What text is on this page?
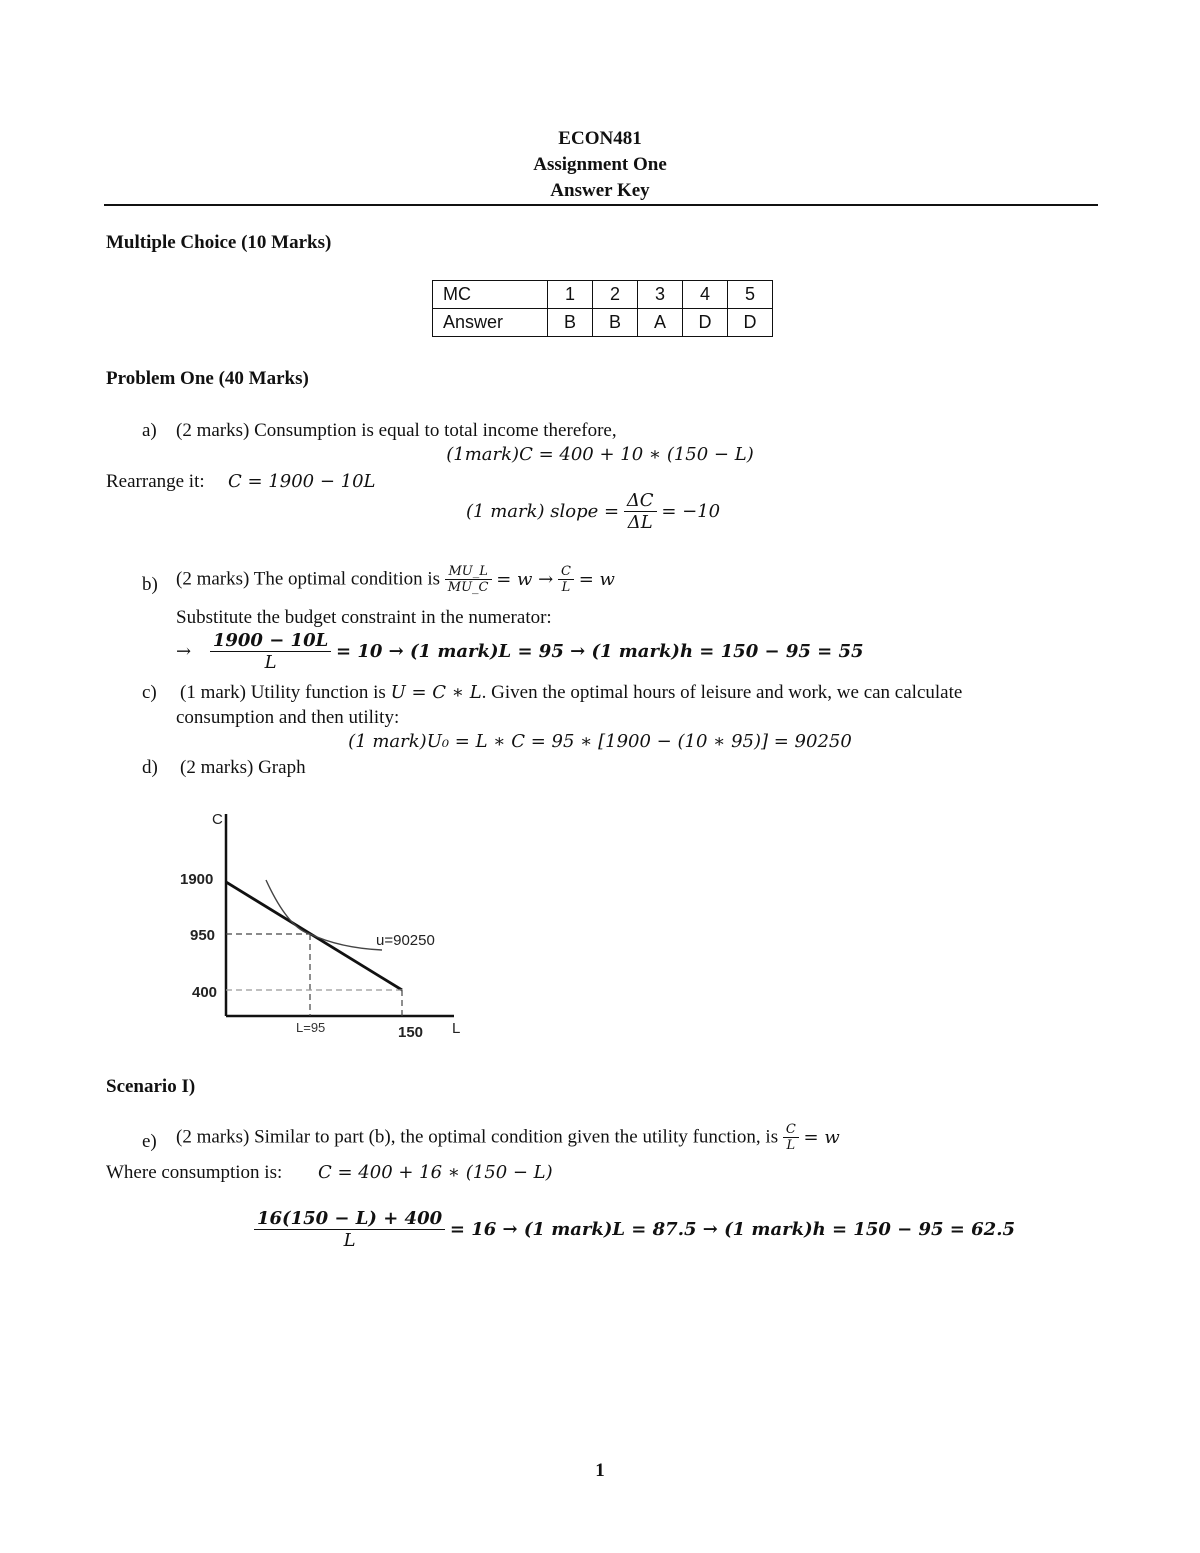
ECON481
Assignment One
Answer Key
Multiple Choice (10 Marks)
MC	1	2	3	4	5
Answer	B	B	A	D	D
Problem One (40 Marks)
a) (2 marks) Consumption is equal to total income therefore,
(1mark)C = 400 + 10 ∗ (150 − L)
Rearrange it: C = 1900 − 10L
(1 mark) slope = $\frac{\Delta C}{\Delta L} = -10$
b) (2 marks) The optimal condition is $\frac{MU\_L}{MU\_C} = w \to \frac{C}{L} = w$
Substitute the budget constraint in the numerator:
→ $\frac{1900 - 10L}{L} = 10 \to (1$ mark)L = 95 → (1 mark)h = 150 − 95 = 55
c) (1 mark) Utility function is U = C ∗ L. Given the optimal hours of leisure and work, we can calculate
consumption and then utility:
(1 mark)U₀ = L ∗ C = 95 ∗ [1900 − (10 ∗ 95)] = 90250
d) (2 marks) Graph
C
1900
950
400
u=90250
L=95	150 L
Scenario I)
e) (2 marks) Similar to part (b), the optimal condition given the utility function, is $\frac{C}{L} = w$
Where consumption is: C = 400 + 16 ∗ (150 − L)
$\frac{16(150 - L) + 400}{L} = 16 \to (1$ mark)L = 87.5 → (1 mark)h = 150 − 95 = 62.5
1
